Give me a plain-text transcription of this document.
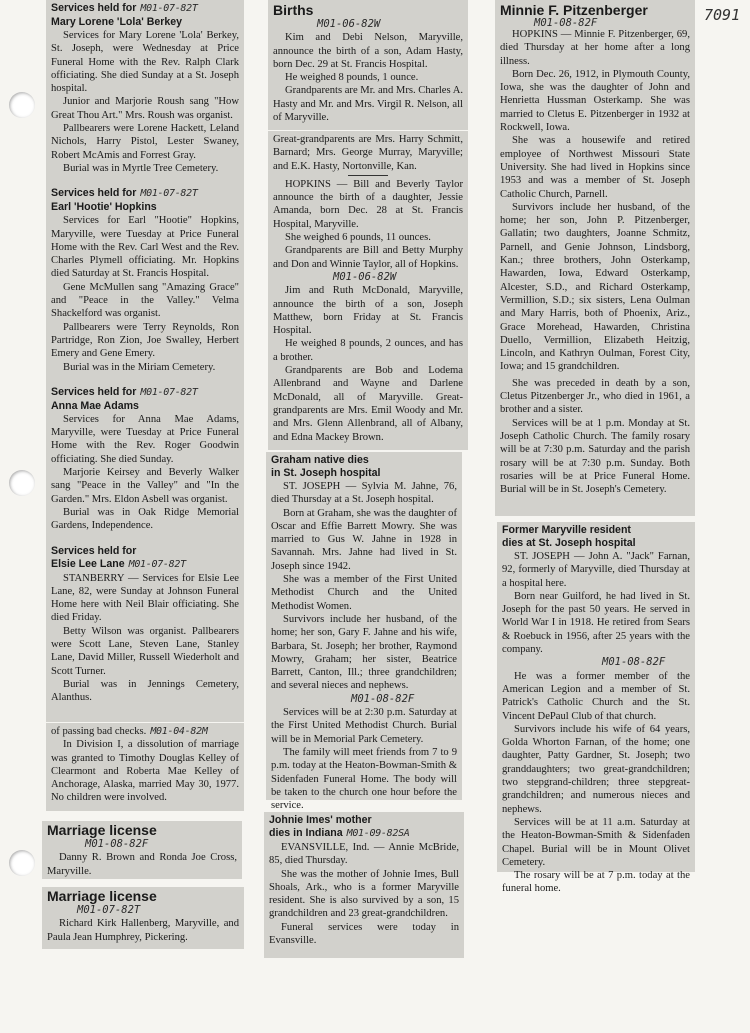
7091
Services held for M01-07-82T
Mary Lorene 'Lola' Berkey

Services for Mary Lorene 'Lola' Berkey, St. Joseph, were Wednesday at Price Funeral Home with the Rev. Ralph Clark officiating. She died Sunday at a St. Joseph hospital.

Junior and Marjorie Roush sang "How Great Thou Art." Mrs. Roush was organist.

Pallbearers were Lorene Hackett, Leland Nichols, Harry Pistol, Lester Swaney, Robert McAmis and Forrest Gray.

Burial was in Myrtle Tree Cemetery.

Services held for M01-07-82T
Earl 'Hootie' Hopkins

Services for Earl "Hootie" Hopkins, Maryville, were Tuesday at Price Funeral Home with the Rev. Carl West and the Rev. Charles Plymell officiating. Mr. Hopkins died Saturday at St. Francis Hospital.

Gene McMullen sang "Amazing Grace" and "Peace in the Valley." Velma Shackelford was organist.

Pallbearers were Terry Reynolds, Ron Partridge, Ron Zion, Joe Swalley, Herbert Emery and Gene Emery.

Burial was in the Miriam Cemetery.

Services held for M01-07-82T
Anna Mae Adams

Services for Anna Mae Adams, Maryville, were Tuesday at Price Funeral Home with the Rev. Roger Goodwin officiating. She died Sunday.

Marjorie Keirsey and Beverly Walker sang "Peace in the Valley" and "In the Garden." Mrs. Eldon Asbell was organist.

Burial was in Oak Ridge Memorial Gardens, Independence.

Services held for
Elsie Lee Lane M01-07-82T

STANBERRY — Services for Elsie Lee Lane, 82, were Sunday at Johnson Funeral Home here with Neil Blair officiating. She died Friday.

Betty Wilson was organist. Pallbearers were Scott Lane, Steven Lane, Stanley Lane, David Miller, Russell Wiederholt and Scott Turner.

Burial was in Jennings Cemetery, Alanthus.

of passing bad checks. M01-04-82M

In Division I, a dissolution of marriage was granted to Timothy Douglas Kelley of Clearmont and Roberta Mae Kelley of Anchorage, Alaska, married May 30, 1977. No children were involved.

Marriage license
M01-08-82F

Danny R. Brown and Ronda Joe Cross, Maryville.

Marriage license
M01-07-82T

Richard Kirk Hallenberg, Maryville, and Paula Jean Humphrey, Pickering.

Births
M01-06-82W

Kim and Debi Nelson, Maryville, announce the birth of a son, Adam Hasty, born Dec. 29 at St. Francis Hospital.

He weighed 8 pounds, 1 ounce.

Grandparents are Mr. and Mrs. Charles A. Hasty and Mr. and Mrs. Virgil R. Nelson, all of Maryville.

Great-grandparents are Mrs. Harry Schmitt, Barnard; Mrs. George Murray, Maryville; and E.K. Hasty, Nortonville, Kan.

HOPKINS — Bill and Beverly Taylor announce the birth of a daughter, Jessie Amanda, born Dec. 28 at St. Francis Hospital, Maryville.

She weighed 6 pounds, 11 ounces.

Grandparents are Bill and Betty Murphy and Don and Winnie Taylor, all of Hopkins.

M01-06-82W

Jim and Ruth McDonald, Maryville, announce the birth of a son, Joseph Matthew, born Friday at St. Francis Hospital.

He weighed 8 pounds, 2 ounces, and has a brother.

Grandparents are Bob and Lodema Allenbrand and Wayne and Darlene McDonald, all of Maryville. Great-grandparents are Mrs. Emil Woody and Mr. and Mrs. Glenn Allenbrand, all of Albany, and Edna Mackey Brown.

Graham native dies
in St. Joseph hospital

ST. JOSEPH — Sylvia M. Jahne, 76, died Thursday at a St. Joseph hospital.

Born at Graham, she was the daughter of Oscar and Effie Barrett Mowry. She was married to Gus W. Jahne in 1928 in Savannah. Mrs. Jahne had lived in St. Joseph since 1942.

She was a member of the First United Methodist Church and the United Methodist Women.

Survivors include her husband, of the home; her son, Gary F. Jahne and his wife, Barbara, St. Joseph; her brother, Raymond Mowry, Graham; her sister, Beatrice Barrett, Canton, Ill.; three grandchildren; and several nieces and nephews.

M01-08-82F

Services will be at 2:30 p.m. Saturday at the First United Methodist Church. Burial will be in Memorial Park Cemetery.

The family will meet friends from 7 to 9 p.m. today at the Heaton-Bowman-Smith & Sidenfaden Funeral Home. The body will be taken to the church one hour before the service.

Johnie Imes' mother
dies in Indiana M01-09-82SA

EVANSVILLE, Ind. — Annie McBride, 85, died Thursday.

She was the mother of Johnie Imes, Bull Shoals, Ark., who is a former Maryville resident. She is also survived by a son, 15 grandchildren and 23 great-grandchildren.

Funeral services were today in Evansville.

Minnie F. Pitzenberger
M01-08-82F

HOPKINS — Minnie F. Pitzenberger, 69, died Thursday at her home after a long illness.

Born Dec. 26, 1912, in Plymouth County, Iowa, she was the daughter of John and Henrietta Hussman Osterkamp. She was married to Cletus E. Pitzenberger in 1932 at Rockwell, Iowa.

She was a housewife and retired employee of Northwest Missouri State University. She had lived in Hopkins since 1953 and was a member of St. Joseph Catholic Church, Parnell.

Survivors include her husband, of the home; her son, John P. Pitzenberger, Gallatin; two daughters, Joanne Schmitz, Parnell, and Genie Johnson, Lindsborg, Kan.; three brothers, John Osterkamp, Hawarden, Iowa, Edward Osterkamp, Alcester, S.D., and Richard Osterkamp, Vermillion, S.D.; six sisters, Lena Oulman and Mary Harris, both of Phoenix, Ariz., Grace Morehead, Hawarden, Christina Duello, Vermillion, Elizabeth Heitzig, Lincoln, and Kathryn Oulman, Forest City, Iowa; and 15 grandchildren.

She was preceded in death by a son, Cletus Pitzenberger Jr., who died in 1961, a brother and a sister.

Services will be at 1 p.m. Monday at St. Joseph Catholic Church. The family rosary will be at 7:30 p.m. Saturday and the parish rosary will be at 7:30 p.m. Sunday. Both rosaries will be at Price Funeral Home. Burial will be in St. Joseph's Cemetery.

Former Maryville resident
dies at St. Joseph hospital

ST. JOSEPH — John A. "Jack" Farnan, 92, formerly of Maryville, died Thursday at a hospital here.

Born near Guilford, he had lived in St. Joseph for the past 50 years. He served in World War I in 1918. He retired from Sears & Roebuck in 1956, after 25 years with the company.

M01-08-82F

He was a former member of the American Legion and a member of St. Patrick's Catholic Church and the St. Vincent DePaul Club of that church.

Survivors include his wife of 64 years, Golda Whorton Farnan, of the home; one daughter, Patty Gardner, St. Joseph; two granddaughters; two great-grandchildren; two stepgrand-children; three stepgreat-grandchildren; and numerous nieces and nephews.

Services will be at 11 a.m. Saturday at the Heaton-Bowman-Smith & Sidenfaden Chapel. Burial will be in Mount Olivet Cemetery.

The rosary will be at 7 p.m. today at the funeral home.
